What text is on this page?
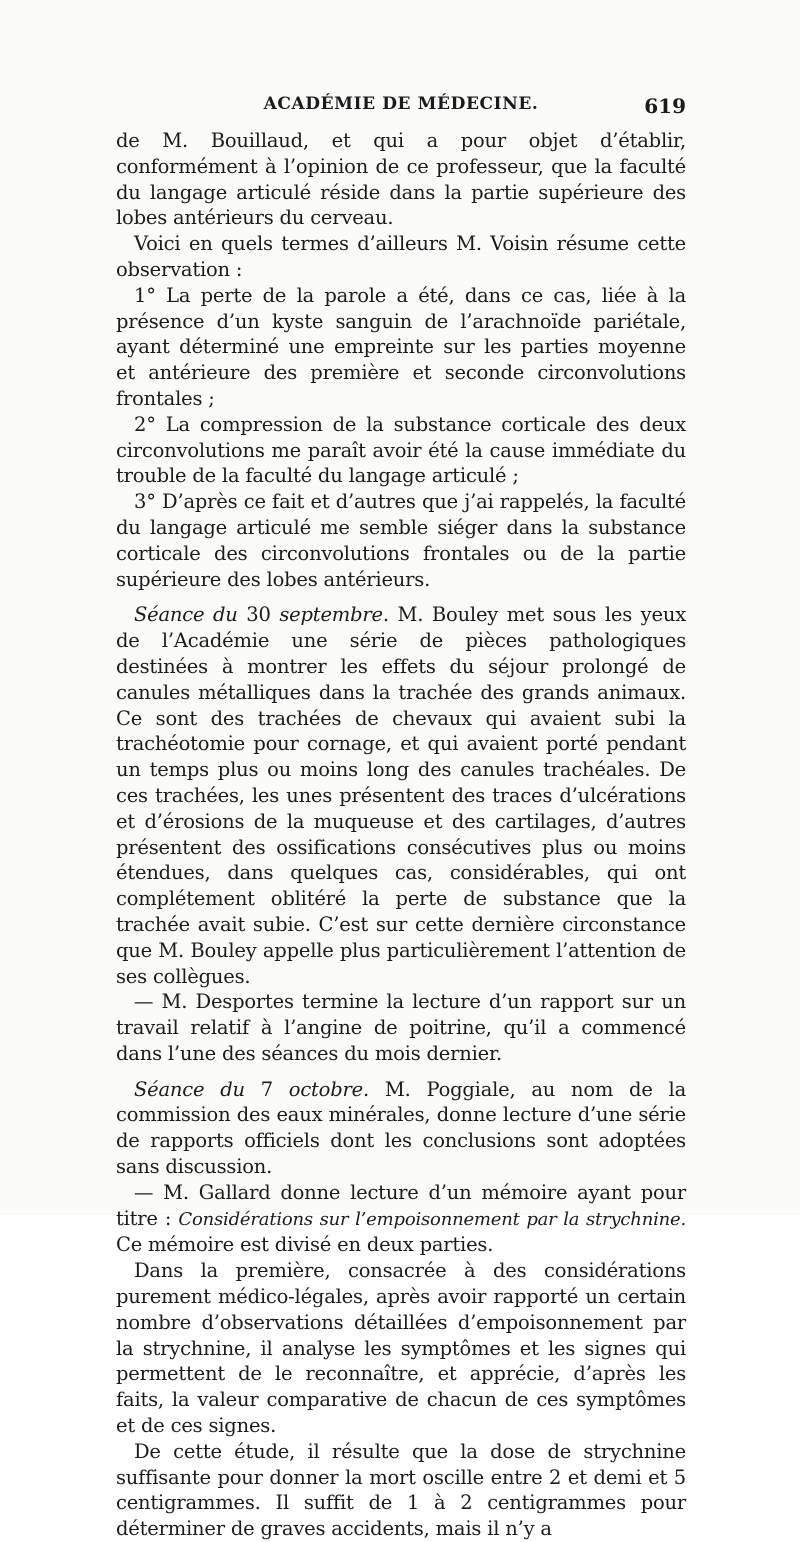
ACADÉMIE DE MÉDECINE.	619

de M. Bouillaud, et qui a pour objet d’établir, conformément à l’opinion de ce professeur, que la faculté du langage articulé réside dans la partie supérieure des lobes antérieurs du cerveau.

Voici en quels termes d’ailleurs M. Voisin résume cette observation :

1° La perte de la parole a été, dans ce cas, liée à la présence d’un kyste sanguin de l’arachnoïde pariétale, ayant déterminé une empreinte sur les parties moyenne et antérieure des première et seconde circonvolutions frontales ;

2° La compression de la substance corticale des deux circonvolutions me paraît avoir été la cause immédiate du trouble de la faculté du langage articulé ;

3° D’après ce fait et d’autres que j’ai rappelés, la faculté du langage articulé me semble siéger dans la substance corticale des circonvolutions frontales ou de la partie supérieure des lobes antérieurs.

Séance du 30 septembre. M. Bouley met sous les yeux de l’Académie une série de pièces pathologiques destinées à montrer les effets du séjour prolongé de canules métalliques dans la trachée des grands animaux. Ce sont des trachées de chevaux qui avaient subi la trachéotomie pour cornage, et qui avaient porté pendant un temps plus ou moins long des canules trachéales. De ces trachées, les unes présentent des traces d’ulcérations et d’érosions de la muqueuse et des cartilages, d’autres présentent des ossifications consécutives plus ou moins étendues, dans quelques cas, considérables, qui ont complétement oblitéré la perte de substance que la trachée avait subie. C’est sur cette dernière circonstance que M. Bouley appelle plus particulièrement l’attention de ses collègues.

— M. Desportes termine la lecture d’un rapport sur un travail relatif à l’angine de poitrine, qu’il a commencé dans l’une des séances du mois dernier.

Séance du 7 octobre. M. Poggiale, au nom de la commission des eaux minérales, donne lecture d’une série de rapports officiels dont les conclusions sont adoptées sans discussion.

— M. Gallard donne lecture d’un mémoire ayant pour titre : Considérations sur l’empoisonnement par la strychnine. Ce mémoire est divisé en deux parties.

Dans la première, consacrée à des considérations purement médico-légales, après avoir rapporté un certain nombre d’observations détaillées d’empoisonnement par la strychnine, il analyse les symptômes et les signes qui permettent de le reconnaître, et apprécie, d’après les faits, la valeur comparative de chacun de ces symptômes et de ces signes.

De cette étude, il résulte que la dose de strychnine suffisante pour donner la mort oscille entre 2 et demi et 5 centigrammes. Il suffit de 1 à 2 centigrammes pour déterminer de graves accidents, mais il n’y a
